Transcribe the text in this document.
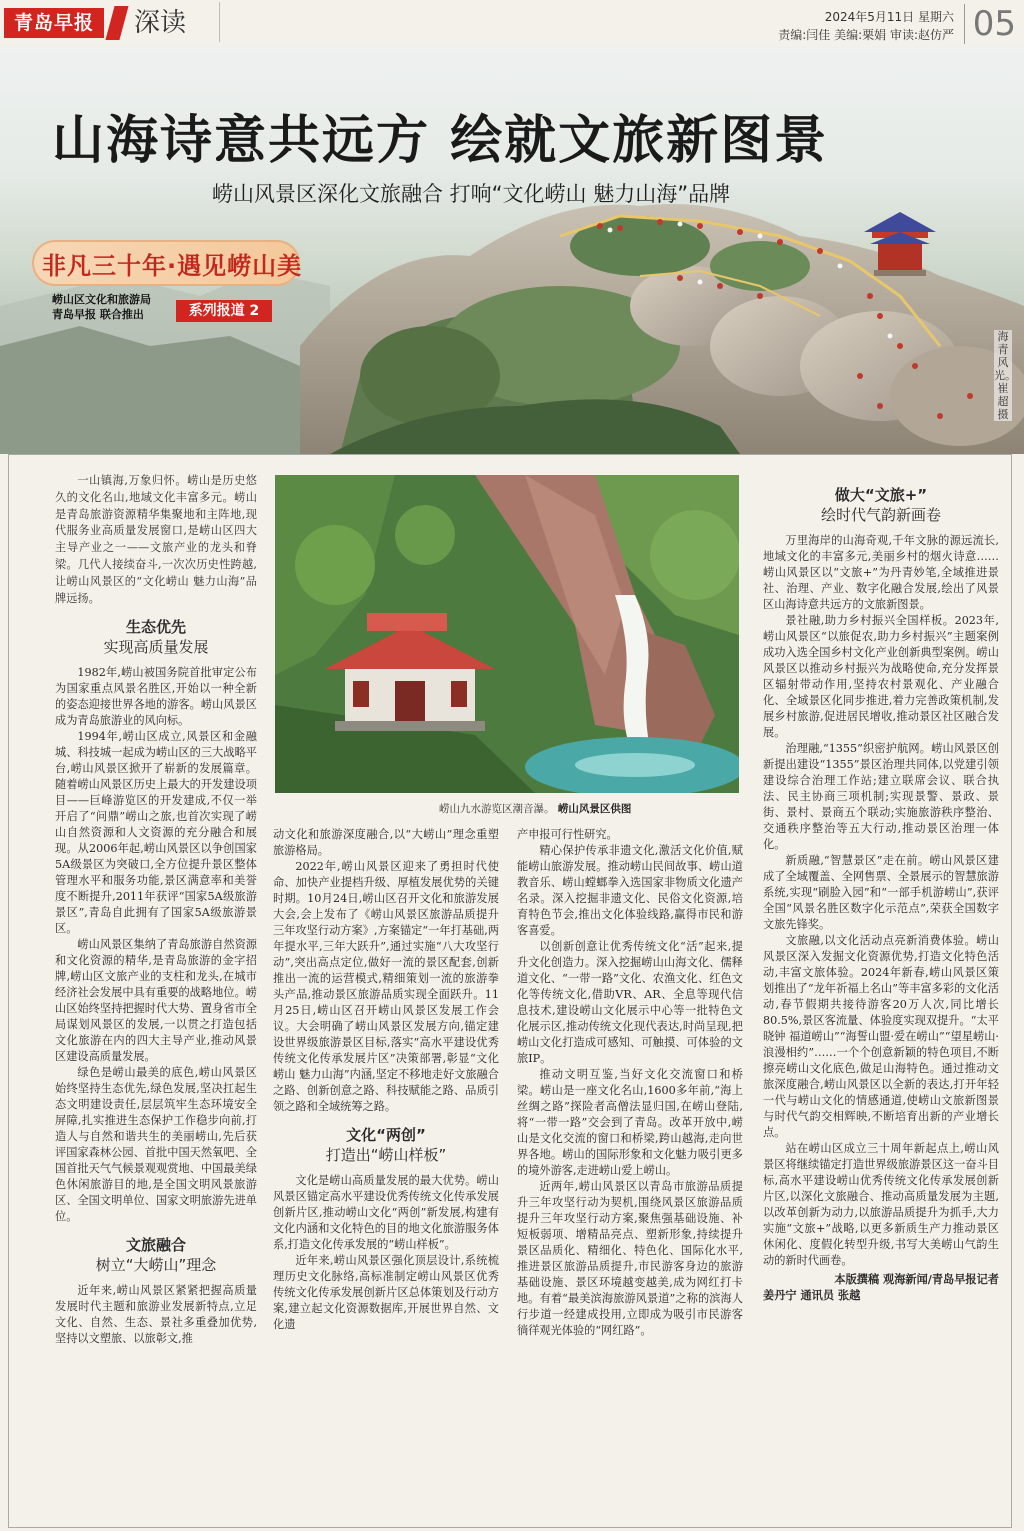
青岛早报	深读	2024年5月11日 星期六
责编:闫佳 美编:栗娟 审读:赵仿严 05
山海诗意共远方 绘就文旅新图景
崂山风景区深化文旅融合 打响“文化崂山 魅力山海”品牌
非凡三十年·遇见崂山美
崂山区文化和旅游局
青岛早报 联合推出	系列报道 2
海青风光。崔超摄

一山镇海,万象归怀。崂山是历史悠久的文化名山,地域文化丰富多元。崂山是青岛旅游资源精华集聚地和主阵地,现代服务业高质量发展窗口,是崂山区四大主导产业之一——文旅产业的龙头和脊梁。几代人接续奋斗,一次次历史性跨越,让崂山风景区的“文化崂山 魅力山海”品牌远扬。

生态优先
实现高质量发展

1982年,崂山被国务院首批审定公布为国家重点风景名胜区,开始以一种全新的姿态迎接世界各地的游客。崂山风景区成为青岛旅游业的风向标。

1994年,崂山区成立,风景区和金融城、科技城一起成为崂山区的三大战略平台,崂山风景区掀开了崭新的发展篇章。随着崂山风景区历史上最大的开发建设项目——巨峰游览区的开发建成,不仅一举开启了“问鼎”崂山之旅,也首次实现了崂山自然资源和人文资源的充分融合和展现。从2006年起,崂山风景区以争创国家5A级景区为突破口,全方位提升景区整体管理水平和服务功能,景区满意率和美誉度不断提升,2011年获评“国家5A级旅游景区”,青岛自此拥有了国家5A级旅游景区。

崂山风景区集纳了青岛旅游自然资源和文化资源的精华,是青岛旅游的金字招牌,崂山区文旅产业的支柱和龙头,在城市经济社会发展中具有重要的战略地位。崂山区始终坚持把握时代大势、置身省市全局谋划风景区的发展,一以贯之打造包括文化旅游在内的四大主导产业,推动风景区建设高质量发展。

绿色是崂山最美的底色,崂山风景区始终坚持生态优先,绿色发展,坚决扛起生态文明建设责任,层层筑牢生态环境安全屏障,扎实推进生态保护工作稳步向前,打造人与自然和谐共生的美丽崂山,先后获评国家森林公园、首批中国天然氧吧、全国首批天气气候景观观赏地、中国最美绿色休闲旅游目的地,是全国文明风景旅游区、全国文明单位、国家文明旅游先进单位。

文旅融合
树立“大崂山”理念

近年来,崂山风景区紧紧把握高质量发展时代主题和旅游业发展新特点,立足文化、自然、生态、景社多重叠加优势,坚持以文塑旅、以旅彰文,推

崂山九水游览区潮音瀑。 崂山风景区供图

动文化和旅游深度融合,以“大崂山”理念重塑旅游格局。

2022年,崂山风景区迎来了勇担时代使命、加快产业提档升级、厚植发展优势的关键时期。10月24日,崂山区召开文化和旅游发展大会,会上发布了《崂山风景区旅游品质提升三年攻坚行动方案》,方案锚定“一年打基础,两年提水平,三年大跃升”,通过实施“八大攻坚行动”,突出高点定位,做好一流的景区配套,创新推出一流的运营模式,精细策划一流的旅游拳头产品,推动景区旅游品质实现全面跃升。11月25日,崂山区召开崂山风景区发展工作会议。大会明确了崂山风景区发展方向,锚定建设世界级旅游景区目标,落实“高水平建设优秀传统文化传承发展片区”决策部署,彰显“文化崂山 魅力山海”内涵,坚定不移地走好文旅融合之路、创新创意之路、科技赋能之路、品质引领之路和全域统筹之路。

文化“两创”
打造出“崂山样板”

文化是崂山高质量发展的最大优势。崂山风景区锚定高水平建设优秀传统文化传承发展创新片区,推动崂山文化“两创”新发展,构建有文化内涵和文化特色的目的地文化旅游服务体系,打造文化传承发展的“崂山样板”。

近年来,崂山风景区强化顶层设计,系统梳理历史文化脉络,高标准制定崂山风景区优秀传统文化传承发展创新片区总体策划及行动方案,建立起文化资源数据库,开展世界自然、文化遗

产申报可行性研究。

精心保护传承非遗文化,激活文化价值,赋能崂山旅游发展。推动崂山民间故事、崂山道教音乐、崂山螳螂拳入选国家非物质文化遗产名录。深入挖掘非遗文化、民俗文化资源,培育特色节会,推出文化体验线路,赢得市民和游客喜爱。

以创新创意让优秀传统文化“活”起来,提升文化创造力。深入挖掘崂山山海文化、儒释道文化、“一带一路”文化、农渔文化、红色文化等传统文化,借助VR、AR、全息等现代信息技术,建设崂山文化展示中心等一批特色文化展示区,推动传统文化现代表达,时尚呈现,把崂山文化打造成可感知、可触摸、可体验的文旅IP。

推动文明互鉴,当好文化交流窗口和桥梁。崂山是一座文化名山,1600多年前,“海上丝绸之路”探险者高僧法显归国,在崂山登陆,将“一带一路”交会到了青岛。改革开放中,崂山是文化交流的窗口和桥梁,跨山越海,走向世界各地。崂山的国际形象和文化魅力吸引更多的境外游客,走进崂山爱上崂山。

近两年,崂山风景区以青岛市旅游品质提升三年攻坚行动为契机,围绕风景区旅游品质提升三年攻坚行动方案,聚焦强基础设施、补短板弱项、增精品亮点、塑新形象,持续提升景区品质化、精细化、特色化、国际化水平,推进景区旅游品质提升,市民游客身边的旅游基础设施、景区环境越变越美,成为网红打卡地。有着“最美滨海旅游风景道”之称的滨海人行步道一经建成投用,立即成为吸引市民游客徜徉观光体验的“网红路”。

做大“文旅+”
绘时代气韵新画卷

万里海岸的山海奇观,千年文脉的源远流长,地域文化的丰富多元,美丽乡村的烟火诗意……崂山风景区以“文旅+”为丹青妙笔,全域推进景社、治理、产业、数字化融合发展,绘出了风景区山海诗意共远方的文旅新图景。

景社融,助力乡村振兴全国样板。2023年,崂山风景区“以旅促农,助力乡村振兴”主题案例成功入选全国乡村文化产业创新典型案例。崂山风景区以推动乡村振兴为战略使命,充分发挥景区辐射带动作用,坚持农村景观化、产业融合化、全域景区化同步推进,着力完善政策机制,发展乡村旅游,促进居民增收,推动景区社区融合发展。

治理融,“1355”织密护航网。崂山风景区创新提出建设“1355”景区治理共同体,以党建引领建设综合治理工作站;建立联席会议、联合执法、民主协商三项机制;实现景警、景政、景街、景村、景商五个联动;实施旅游秩序整治、交通秩序整治等五大行动,推动景区治理一体化。

新质融,“智慧景区”走在前。崂山风景区建成了全域覆盖、全网售票、全景展示的智慧旅游系统,实现“刷脸入园”和“一部手机游崂山”,获评全国“风景名胜区数字化示范点”,荣获全国数字文旅先锋奖。

文旅融,以文化活动点亮新消费体验。崂山风景区深入发掘文化资源优势,打造文化特色活动,丰富文旅体验。2024年新春,崂山风景区策划推出了“龙年祈福上名山”等丰富多彩的文化活动,春节假期共接待游客20万人次,同比增长80.5%,景区客流量、体验度实现双提升。“太平晓钟 福道崂山”“海誓山盟·爱在崂山”“望星崂山·浪漫相约”……一个个创意新颖的特色项目,不断擦亮崂山文化底色,做足山海特色。通过推动文旅深度融合,崂山风景区以全新的表达,打开年轻一代与崂山文化的情感通道,使崂山文旅新图景与时代气韵交相辉映,不断培育出新的产业增长点。

站在崂山区成立三十周年新起点上,崂山风景区将继续锚定打造世界级旅游景区这一奋斗目标,高水平建设崂山优秀传统文化传承发展创新片区,以深化文旅融合、推动高质量发展为主题,以改革创新为动力,以旅游品质提升为抓手,大力实施“文旅+”战略,以更多新质生产力推动景区休闲化、度假化转型升级,书写大美崂山气韵生动的新时代画卷。

本版撰稿 观海新闻/青岛早报记者
姜丹宁 通讯员 张越
